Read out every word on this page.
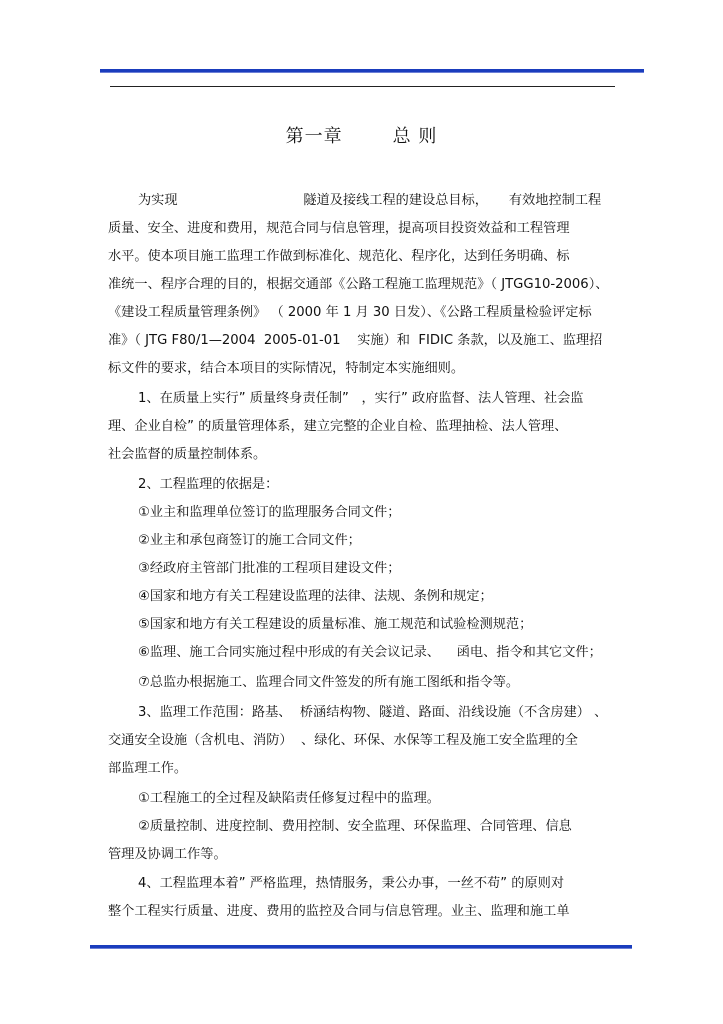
第一章	总 则
为实现                              隧道及接线工程的建设总目标，     有效地控制工程
质量、安全、进度和费用，规范合同与信息管理，提高项目投资效益和工程管理
水平。使本项目施工监理工作做到标准化、规范化、程序化，达到任务明确、标
准统一、程序合理的目的，根据交通部《公路工程施工监理规范》（ JTGG10-2006）、
《建设工程质量管理条例》 （ 2000 年 1 月 30 日发）、《公路工程质量检验评定标
准》（ JTG F80/1—2004  2005-01-01    实施）和  FIDIC 条款，以及施工、监理招
标文件的要求，结合本项目的实际情况，特制定本实施细则。
1、在质量上实行” 质量终身责任制”   ，实行” 政府监督、法人管理、社会监
理、企业自检” 的质量管理体系，建立完整的企业自检、监理抽检、法人管理、
社会监督的质量控制体系。
2、工程监理的依据是：
①业主和监理单位签订的监理服务合同文件；
②业主和承包商签订的施工合同文件；
③经政府主管部门批准的工程项目建设文件；
④国家和地方有关工程建设监理的法律、法规、条例和规定；
⑤国家和地方有关工程建设的质量标准、施工规范和试验检测规范；
⑥监理、施工合同实施过程中形成的有关会议记录、    函电、指令和其它文件；
⑦总监办根据施工、监理合同文件签发的所有施工图纸和指令等。
3、监理工作范围：路基、  桥涵结构物、隧道、路面、沿线设施（不含房建） 、
交通安全设施（含机电、消防）  、绿化、环保、水保等工程及施工安全监理的全
部监理工作。
①工程施工的全过程及缺陷责任修复过程中的监理。
②质量控制、进度控制、费用控制、安全监理、环保监理、合同管理、信息
管理及协调工作等。
4、工程监理本着” 严格监理，热情服务，秉公办事，一丝不苟” 的原则对
整个工程实行质量、进度、费用的监控及合同与信息管理。业主、监理和施工单
